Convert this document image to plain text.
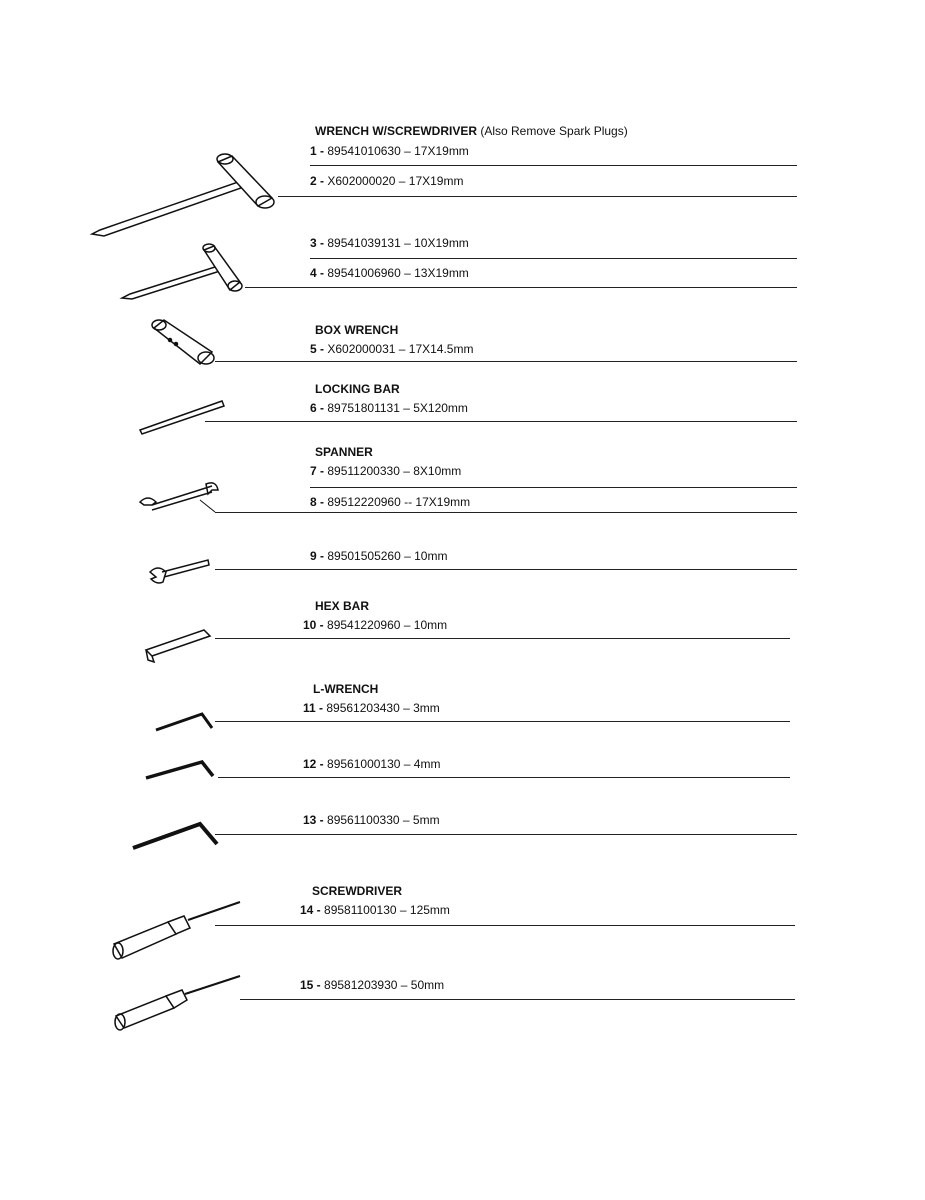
WRENCH W/SCREWDRIVER (Also Remove Spark Plugs)
BOX WRENCH
LOCKING BAR
SPANNER
HEX BAR
L-WRENCH
SCREWDRIVER
1 - 89541010630 – 17X19mm
2 - X602000020 – 17X19mm
3 - 89541039131 – 10X19mm
4 - 89541006960 – 13X19mm
5 - X602000031 – 17X14.5mm
6 - 89751801131 – 5X120mm
7 - 89511200330 – 8X10mm
8 - 89512220960 -- 17X19mm
9 - 89501505260 – 10mm
10 - 89541220960 – 10mm
11 - 89561203430 – 3mm
12 - 89561000130 – 4mm
13 - 89561100330 – 5mm
14 - 89581100130 – 125mm
15 - 89581203930 – 50mm
